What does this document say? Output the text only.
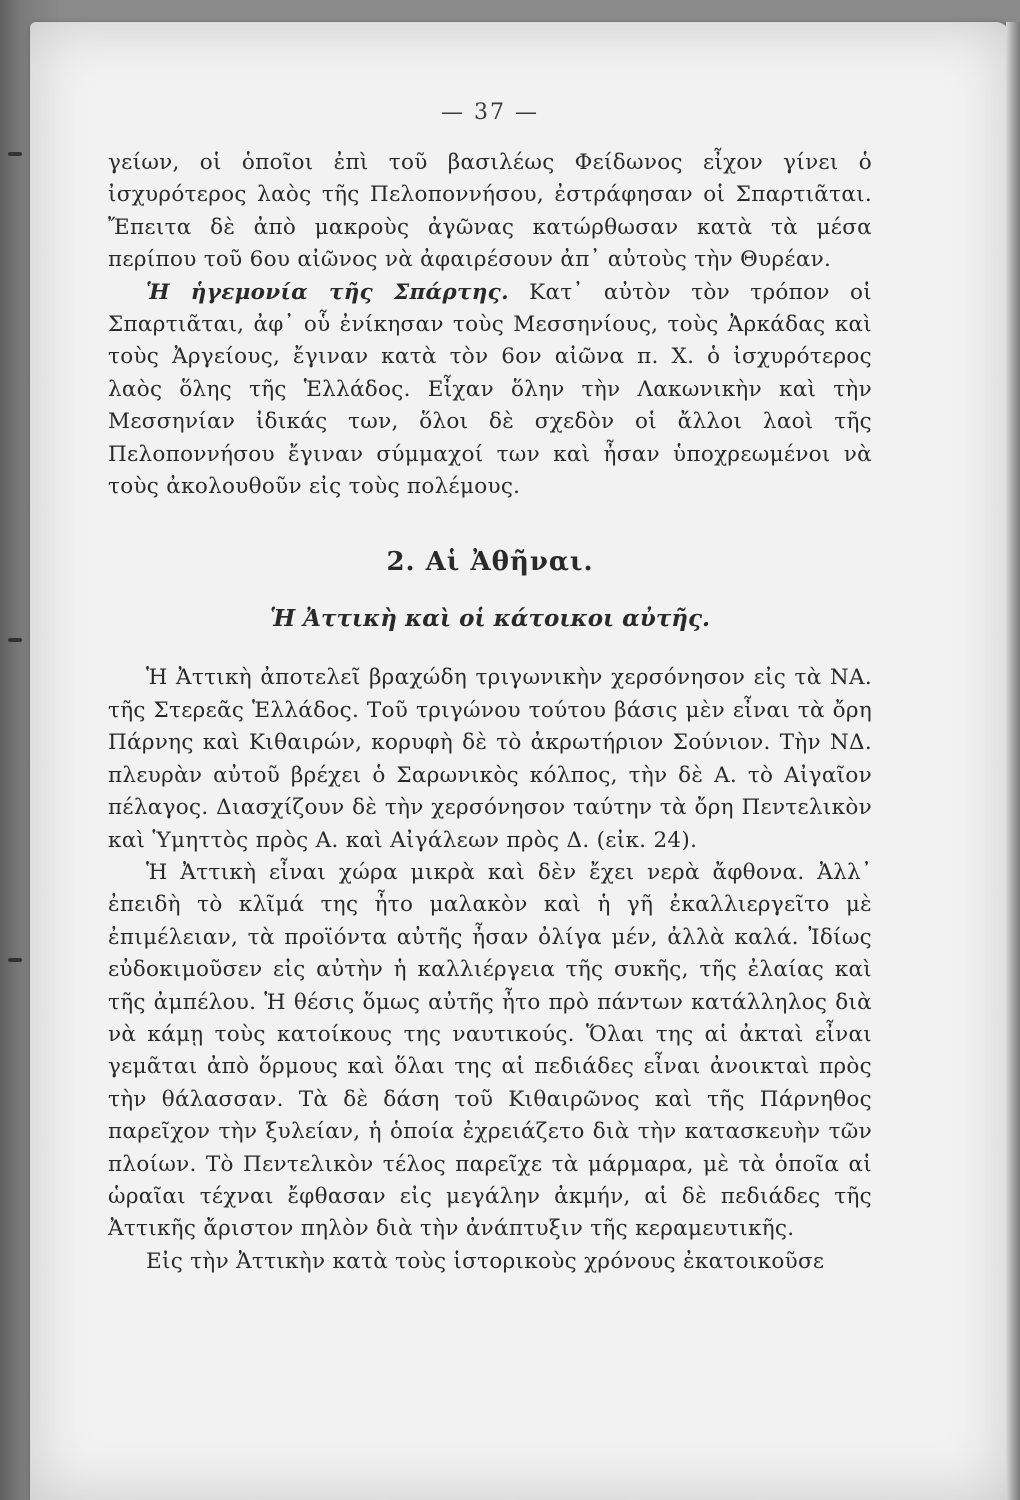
— 37 —

γείων, οἱ ὁποῖοι ἐπὶ τοῦ βασιλέως Φείδωνος εἶχον γίνει ὁ ἰσχυρότερος λαὸς τῆς Πελοποννήσου, ἐστράφησαν οἱ Σπαρτιᾶται. Ἔπειτα δὲ ἀπὸ μακροὺς ἀγῶνας κατώρθωσαν κατὰ τὰ μέσα περίπου τοῦ 6ου αἰῶνος νὰ ἀφαιρέσουν ἀπ᾽ αὐτοὺς τὴν Θυρέαν.

Ἡ ἡγεμονία τῆς Σπάρτης. Κατ᾽ αὐτὸν τὸν τρόπον οἱ Σπαρτιᾶται, ἀφ᾽ οὗ ἐνίκησαν τοὺς Μεσσηνίους, τοὺς Ἀρκάδας καὶ τοὺς Ἀργείους, ἔγιναν κατὰ τὸν 6ον αἰῶνα π. Χ. ὁ ἰσχυρότερος λαὸς ὅλης τῆς Ἑλλάδος. Εἶχαν ὅλην τὴν Λακωνικὴν καὶ τὴν Μεσσηνίαν ἰδικάς των, ὅλοι δὲ σχεδὸν οἱ ἄλλοι λαοὶ τῆς Πελοποννήσου ἔγιναν σύμμαχοί των καὶ ἦσαν ὑποχρεωμένοι νὰ τοὺς ἀκολουθοῦν εἰς τοὺς πολέμους.

2. Αἱ Ἀθῆναι.
Ἡ Ἀττικὴ καὶ οἱ κάτοικοι αὐτῆς.

Ἡ Ἀττικὴ ἀποτελεῖ βραχώδη τριγωνικὴν χερσόνησον εἰς τὰ ΝΑ. τῆς Στερεᾶς Ἑλλάδος. Τοῦ τριγώνου τούτου βάσις μὲν εἶναι τὰ ὄρη Πάρνης καὶ Κιθαιρών, κορυφὴ δὲ τὸ ἀκρωτήριον Σούνιον. Τὴν ΝΔ. πλευρὰν αὐτοῦ βρέχει ὁ Σαρωνικὸς κόλπος, τὴν δὲ Α. τὸ Αἰγαῖον πέλαγος. Διασχίζουν δὲ τὴν χερσόνησον ταύτην τὰ ὄρη Πεντελικὸν καὶ Ὑμηττὸς πρὸς Α. καὶ Αἰγάλεων πρὸς Δ. (εἰκ. 24).

Ἡ Ἀττικὴ εἶναι χώρα μικρὰ καὶ δὲν ἔχει νερὰ ἄφθονα. Ἀλλ᾽ ἐπειδὴ τὸ κλῖμά της ἦτο μαλακὸν καὶ ἡ γῆ ἐκαλλιεργεῖτο μὲ ἐπιμέλειαν, τὰ προϊόντα αὐτῆς ἦσαν ὀλίγα μέν, ἀλλὰ καλά. Ἰδίως εὐδοκιμοῦσεν εἰς αὐτὴν ἡ καλλιέργεια τῆς συκῆς, τῆς ἐλαίας καὶ τῆς ἀμπέλου. Ἡ θέσις ὅμως αὐτῆς ἦτο πρὸ πάντων κατάλληλος διὰ νὰ κάμῃ τοὺς κατοίκους της ναυτικούς. Ὅλαι της αἱ ἀκταὶ εἶναι γεμᾶται ἀπὸ ὅρμους καὶ ὅλαι της αἱ πεδιάδες εἶναι ἀνοικταὶ πρὸς τὴν θάλασσαν. Τὰ δὲ δάση τοῦ Κιθαιρῶνος καὶ τῆς Πάρνηθος παρεῖχον τὴν ξυλείαν, ἡ ὁποία ἐχρειάζετο διὰ τὴν κατασκευὴν τῶν πλοίων. Τὸ Πεντελικὸν τέλος παρεῖχε τὰ μάρμαρα, μὲ τὰ ὁποῖα αἱ ὡραῖαι τέχναι ἔφθασαν εἰς μεγάλην ἀκμήν, αἱ δὲ πεδιάδες τῆς Ἀττικῆς ἄριστον πηλὸν διὰ τὴν ἀνάπτυξιν τῆς κεραμευτικῆς.

Εἰς τὴν Ἀττικὴν κατὰ τοὺς ἱστορικοὺς χρόνους ἐκατοικοῦσε
